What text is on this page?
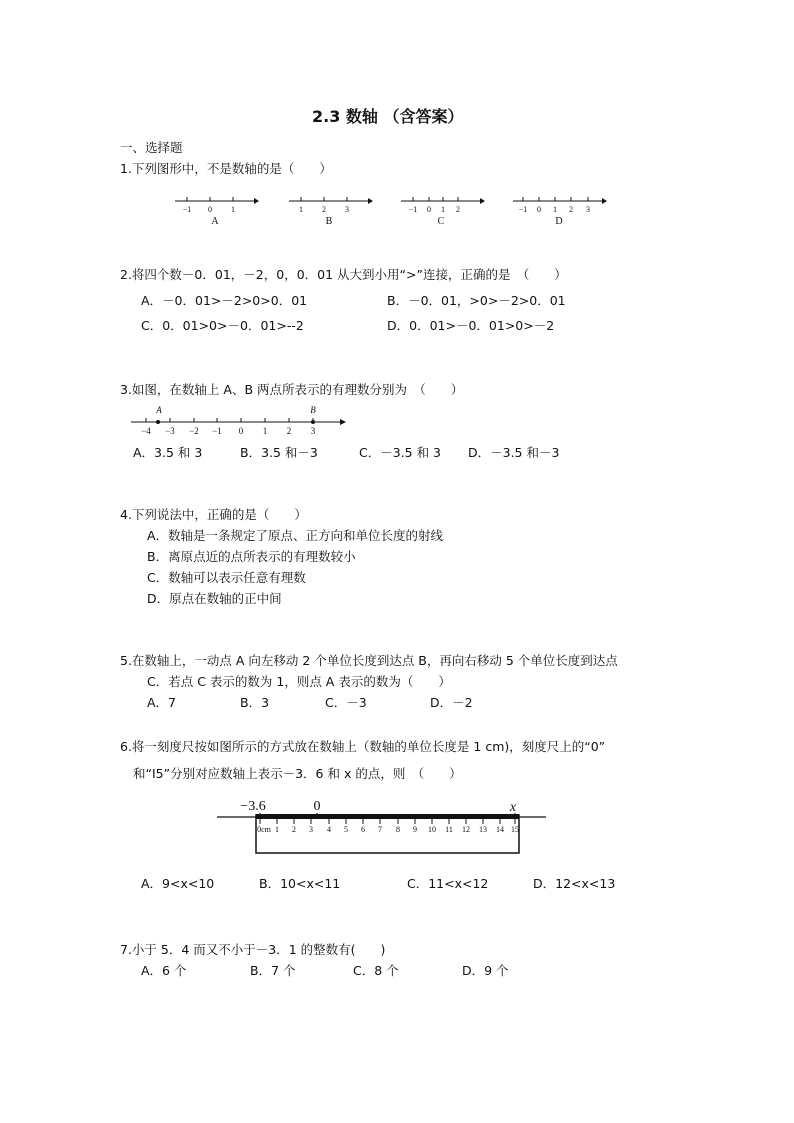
2.3 数轴 （含答案）
一、选择题
1.下列图形中，不是数轴的是（　　）
−1 0 1
A
1 2 3
B
−1 0 1 2
C
−1 0 1 2 3
D
2.将四个数－0．01，－2，0，0．01 从大到小用“>”连接，正确的是　（　　）
A．－0．01>－2>0>0．01	B．－0．01，>0>－2>0．01
C．0．01>0>－0．01>--2	D．0．01>－0．01>0>－2
3.如图，在数轴上 A、B 两点所表示的有理数分别为　（　　）
A	B
−4 −3 −2 −1 0 1 2 3
A．3.5 和 3	B．3.5 和－3	C．－3.5 和 3 D．－3.5 和－3
4.下列说法中，正确的是（　　）
A．数轴是一条规定了原点、正方向和单位长度的射线
B．离原点近的点所表示的有理数较小
C．数轴可以表示任意有理数
D．原点在数轴的正中间
5.在数轴上，一动点 A 向左移动 2 个单位长度到达点 B，再向右移动 5 个单位长度到达点
C．若点 C 表示的数为 1，则点 A 表示的数为（　　）
A．7	B．3	C．－3	D．－2
6.将一刻度尺按如图所示的方式放在数轴上（数轴的单位长度是 1 cm)，刻度尺上的“0”
和“I5”分别对应数轴上表示－3．6 和 x 的点，则　（　　）
−3.6	0	x
0cm 1 2 3 4 5 6 7 8 9 10 11 12 13 14 15
A．9<x<10	B．10<x<11	C．11<x<12	D．12<x<13
7.小于 5．4 而又不小于－3．1 的整数有(　　)
A．6 个	B．7 个	C．8 个	D．9 个
